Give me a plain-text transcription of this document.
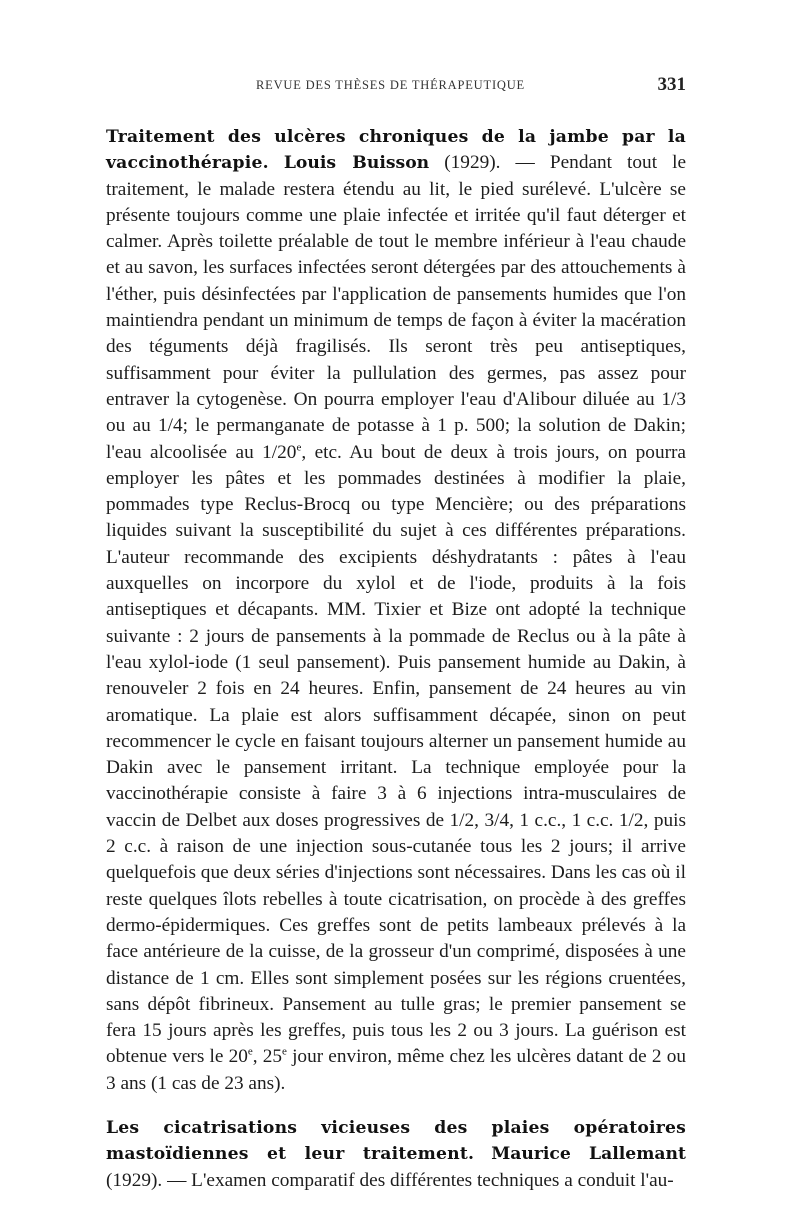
REVUE DES THÈSES DE THÉRAPEUTIQUE	331

Traitement des ulcères chroniques de la jambe par la vaccinothérapie. Louis Buisson (1929). — Pendant tout le traitement, le malade restera étendu au lit, le pied surélevé. L'ulcère se présente toujours comme une plaie infectée et irritée qu'il faut déterger et calmer. Après toilette préalable de tout le membre inférieur à l'eau chaude et au savon, les surfaces infectées seront détergées par des attouchements à l'éther, puis désinfectées par l'application de pansements humides que l'on maintiendra pendant un minimum de temps de façon à éviter la macération des téguments déjà fragilisés. Ils seront très peu antiseptiques, suffisamment pour éviter la pullulation des germes, pas assez pour entraver la cytogenèse. On pourra employer l'eau d'Alibour diluée au 1/3 ou au 1/4; le permanganate de potasse à 1 p. 500; la solution de Dakin; l'eau alcoolisée au 1/20e, etc. Au bout de deux à trois jours, on pourra employer les pâtes et les pommades destinées à modifier la plaie, pommades type Reclus-Brocq ou type Mencière; ou des préparations liquides suivant la susceptibilité du sujet à ces différentes préparations. L'auteur recommande des excipients déshydratants : pâtes à l'eau auxquelles on incorpore du xylol et de l'iode, produits à la fois antiseptiques et décapants. MM. Tixier et Bize ont adopté la technique suivante : 2 jours de pansements à la pommade de Reclus ou à la pâte à l'eau xylol-iode (1 seul pansement). Puis pansement humide au Dakin, à renouveler 2 fois en 24 heures. Enfin, pansement de 24 heures au vin aromatique. La plaie est alors suffisamment décapée, sinon on peut recommencer le cycle en faisant toujours alterner un pansement humide au Dakin avec le pansement irritant. La technique employée pour la vaccinothérapie consiste à faire 3 à 6 injections intra-musculaires de vaccin de Delbet aux doses progressives de 1/2, 3/4, 1 c.c., 1 c.c. 1/2, puis 2 c.c. à raison de une injection sous-cutanée tous les 2 jours; il arrive quelquefois que deux séries d'injections sont nécessaires. Dans les cas où il reste quelques îlots rebelles à toute cicatrisation, on procède à des greffes dermo-épidermiques. Ces greffes sont de petits lambeaux prélevés à la face antérieure de la cuisse, de la grosseur d'un comprimé, disposées à une distance de 1 cm. Elles sont simplement posées sur les régions cruentées, sans dépôt fibrineux. Pansement au tulle gras; le premier pansement se fera 15 jours après les greffes, puis tous les 2 ou 3 jours. La guérison est obtenue vers le 20e, 25e jour environ, même chez les ulcères datant de 2 ou 3 ans (1 cas de 23 ans).

Les cicatrisations vicieuses des plaies opératoires mastoïdiennes et leur traitement. Maurice Lallemant (1929). — L'examen comparatif des différentes techniques a conduit l'au-
